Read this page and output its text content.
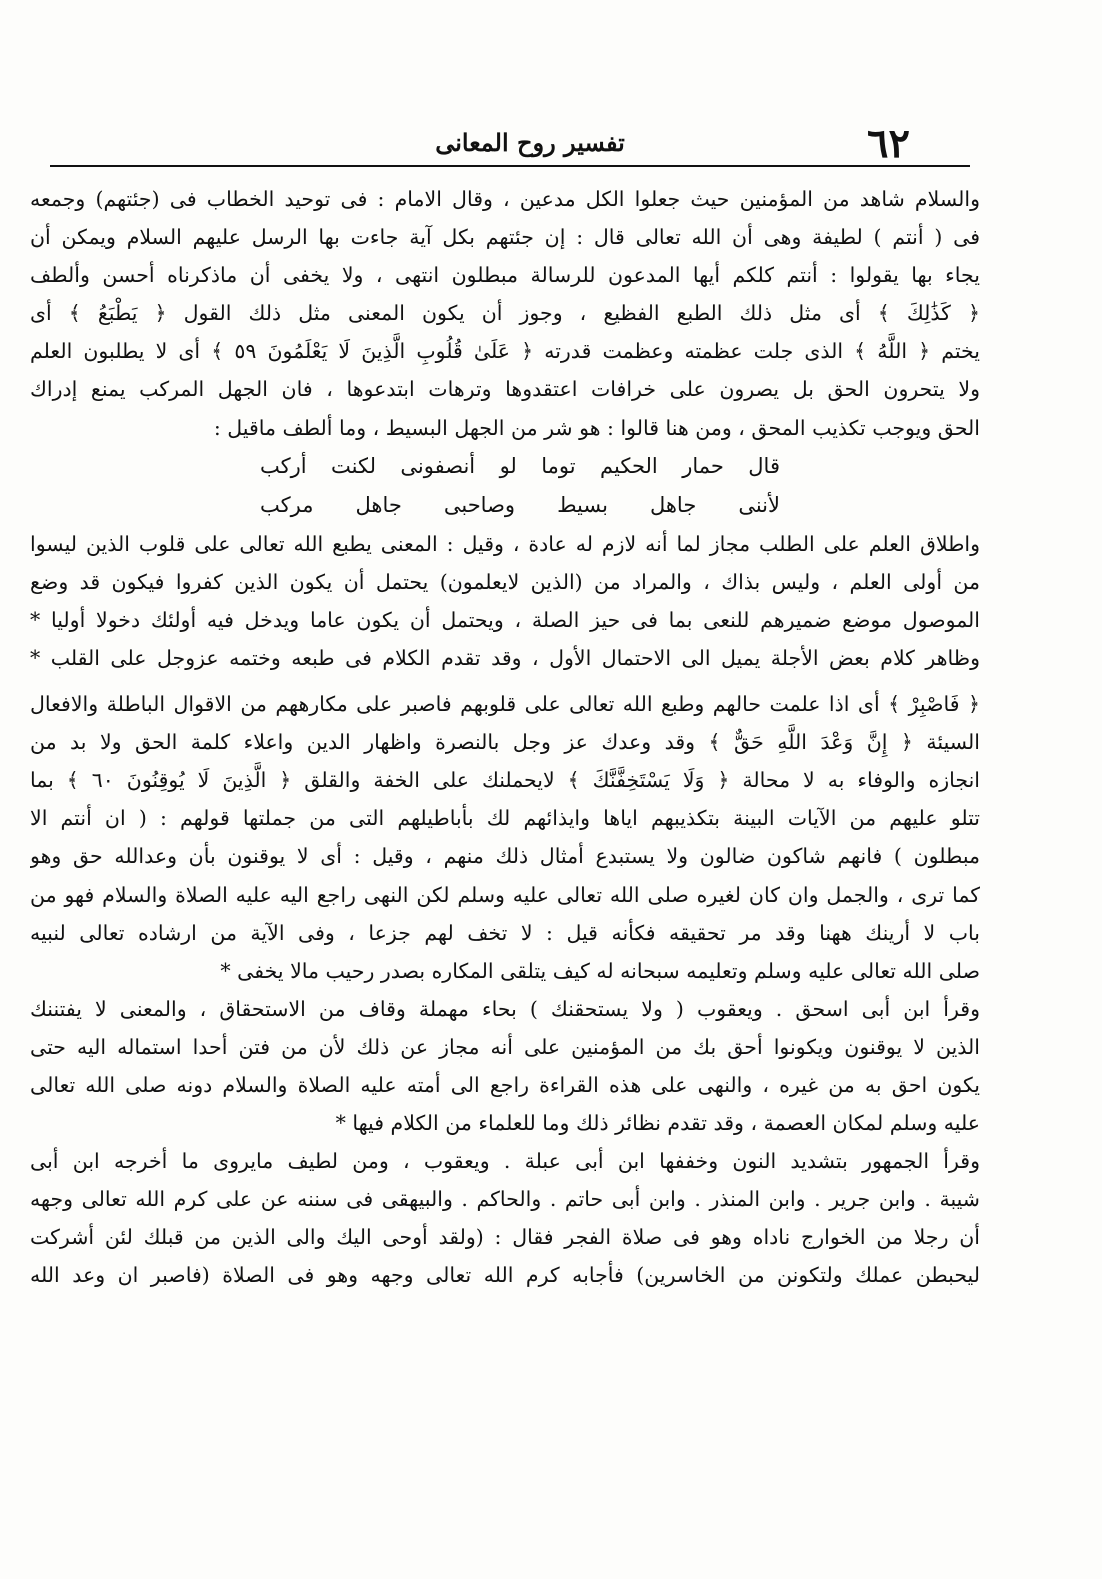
٦٢
تفسير روح المعانى
والسلام شاهد من المؤمنين حيث جعلوا الكل مدعين ، وقال الامام : فى توحيد الخطاب فى (جئتهم) وجمعه
فى ( أنتم ) لطيفة وهى أن الله تعالى قال : إن جئتهم بكل آية جاءت بها الرسل عليهم السلام ويمكن أن
يجاء بها يقولوا : أنتم كلكم أيها المدعون للرسالة مبطلون انتهى ، ولا يخفى أن ماذكرناه أحسن وألطف
﴿ كَذَٰلِكَ ﴾ أى مثل ذلك الطبع الفظيع ، وجوز أن يكون المعنى مثل ذلك القول ﴿ يَطْبَعُ ﴾ أى
يختم ﴿ اللَّهُ ﴾ الذى جلت عظمته وعظمت قدرته ﴿ عَلَىٰ قُلُوبِ الَّذِينَ لَا يَعْلَمُونَ ٥٩ ﴾ أى لا يطلبون العلم
ولا يتحرون الحق بل يصرون على خرافات اعتقدوها وترهات ابتدعوها ، فان الجهل المركب يمنع إدراك
الحق ويوجب تكذيب المحق ، ومن هنا قالوا : هو شر من الجهل البسيط ، وما ألطف ماقيل :
قال حمار الحكيم توما لو أنصفونى لكنت أركب
لأننى جاهل بسيط وصاحبى جاهل مركب
واطلاق العلم على الطلب مجاز لما أنه لازم له عادة ، وقيل : المعنى يطبع الله تعالى على قلوب الذين ليسوا
من أولى العلم ، وليس بذاك ، والمراد من (الذين لايعلمون) يحتمل أن يكون الذين كفروا فيكون قد وضع
الموصول موضع ضميرهم للنعى بما فى حيز الصلة ، ويحتمل أن يكون عاما ويدخل فيه أولئك دخولا أوليا *
وظاهر كلام بعض الأجلة يميل الى الاحتمال الأول ، وقد تقدم الكلام فى طبعه وختمه عزوجل على القلب *
﴿ فَاصْبِرْ ﴾ أى اذا علمت حالهم وطبع الله تعالى على قلوبهم فاصبر على مكارههم من الاقوال الباطلة والافعال
السيئة ﴿ إِنَّ وَعْدَ اللَّهِ حَقٌّ ﴾ وقد وعدك عز وجل بالنصرة واظهار الدين واعلاء كلمة الحق ولا بد من
انجازه والوفاء به لا محالة ﴿ وَلَا يَسْتَخِفَّنَّكَ ﴾ لايحملنك على الخفة والقلق ﴿ الَّذِينَ لَا يُوقِنُونَ ٦٠ ﴾ بما
تتلو عليهم من الآيات البينة بتكذيبهم اياها وايذائهم لك بأباطيلهم التى من جملتها قولهم : ( ان أنتم الا
مبطلون ) فانهم شاكون ضالون ولا يستبدع أمثال ذلك منهم ، وقيل : أى لا يوقنون بأن وعدالله حق وهو
كما ترى ، والجمل وان كان لغيره صلى الله تعالى عليه وسلم لكن النهى راجع اليه عليه الصلاة والسلام فهو من
باب لا أرينك ههنا وقد مر تحقيقه فكأنه قيل : لا تخف لهم جزعا ، وفى الآية من ارشاده تعالى لنبيه
صلى الله تعالى عليه وسلم وتعليمه سبحانه له كيف يتلقى المكاره بصدر رحيب مالا يخفى *
وقرأ ابن أبى اسحق . ويعقوب ( ولا يستحقنك ) بحاء مهملة وقاف من الاستحقاق ، والمعنى لا يفتننك
الذين لا يوقنون ويكونوا أحق بك من المؤمنين على أنه مجاز عن ذلك لأن من فتن أحدا استماله اليه حتى
يكون احق به من غيره ، والنهى على هذه القراءة راجع الى أمته عليه الصلاة والسلام دونه صلى الله تعالى
عليه وسلم لمكان العصمة ، وقد تقدم نظائر ذلك وما للعلماء من الكلام فيها *
وقرأ الجمهور بتشديد النون وخففها ابن أبى عبلة . ويعقوب ، ومن لطيف مايروى ما أخرجه ابن أبى
شيبة . وابن جرير . وابن المنذر . وابن أبى حاتم . والحاكم . والبيهقى فى سننه عن على كرم الله تعالى وجهه
أن رجلا من الخوارج ناداه وهو فى صلاة الفجر فقال : (ولقد أوحى اليك والى الذين من قبلك لئن أشركت
ليحبطن عملك ولتكونن من الخاسرين) فأجابه كرم الله تعالى وجهه وهو فى الصلاة (فاصبر ان وعد الله
